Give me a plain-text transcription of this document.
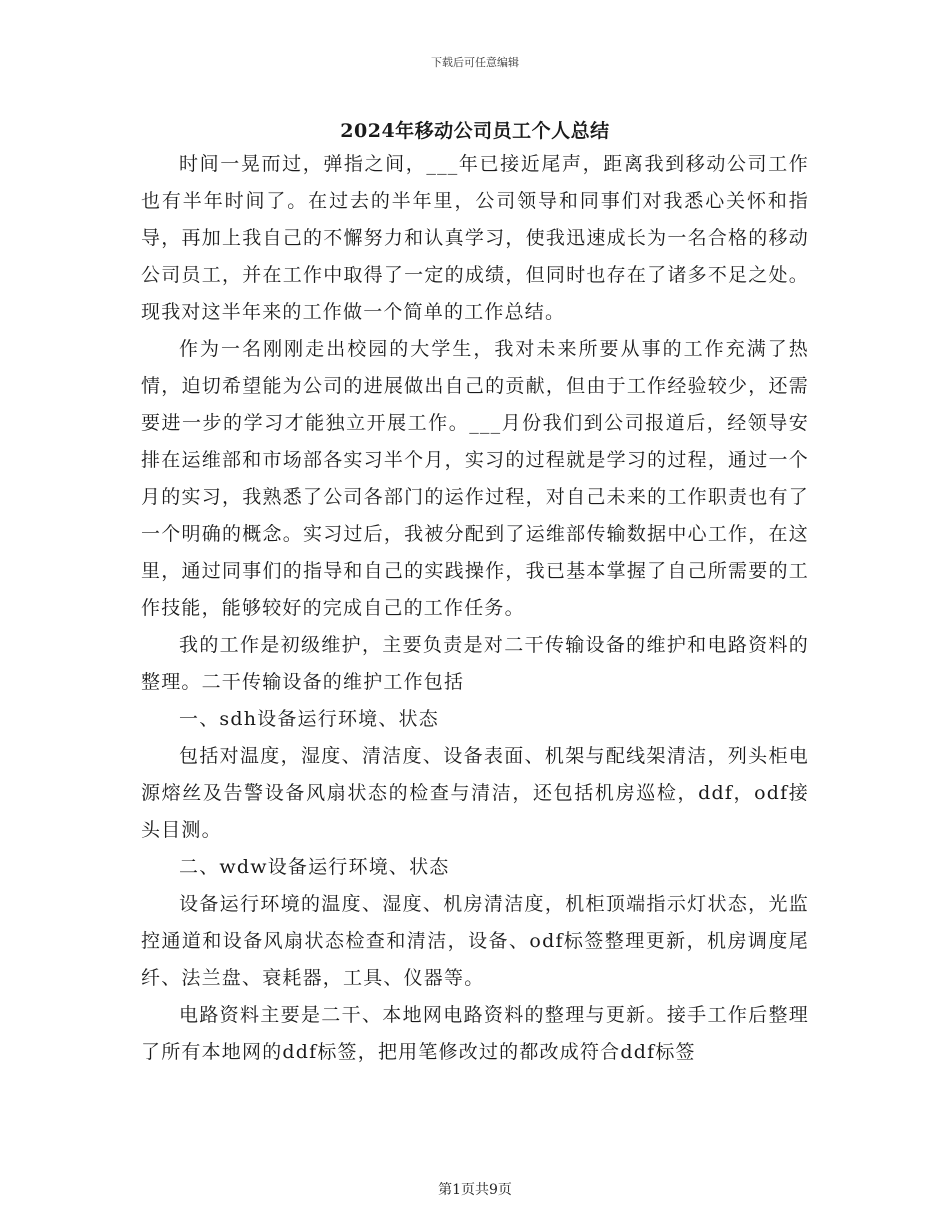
下载后可任意编辑
2024年移动公司员工个人总结

时间一晃而过，弹指之间，___年已接近尾声，距离我到移动公司工作也有半年时间了。在过去的半年里，公司领导和同事们对我悉心关怀和指导，再加上我自己的不懈努力和认真学习，使我迅速成长为一名合格的移动公司员工，并在工作中取得了一定的成绩，但同时也存在了诸多不足之处。现我对这半年来的工作做一个简单的工作总结。

作为一名刚刚走出校园的大学生，我对未来所要从事的工作充满了热情，迫切希望能为公司的进展做出自己的贡献，但由于工作经验较少，还需要进一步的学习才能独立开展工作。___月份我们到公司报道后，经领导安排在运维部和市场部各实习半个月，实习的过程就是学习的过程，通过一个月的实习，我熟悉了公司各部门的运作过程，对自己未来的工作职责也有了一个明确的概念。实习过后，我被分配到了运维部传输数据中心工作，在这里，通过同事们的指导和自己的实践操作，我已基本掌握了自己所需要的工作技能，能够较好的完成自己的工作任务。

我的工作是初级维护，主要负责是对二干传输设备的维护和电路资料的整理。二干传输设备的维护工作包括

一、sdh设备运行环境、状态

包括对温度，湿度、清洁度、设备表面、机架与配线架清洁，列头柜电源熔丝及告警设备风扇状态的检查与清洁，还包括机房巡检，ddf，odf接头目测。

二、wdw设备运行环境、状态

设备运行环境的温度、湿度、机房清洁度，机柜顶端指示灯状态，光监控通道和设备风扇状态检查和清洁，设备、odf标签整理更新，机房调度尾纤、法兰盘、衰耗器，工具、仪器等。

电路资料主要是二干、本地网电路资料的整理与更新。接手工作后整理了所有本地网的ddf标签，把用笔修改过的都改成符合ddf标签

第1页共9页
